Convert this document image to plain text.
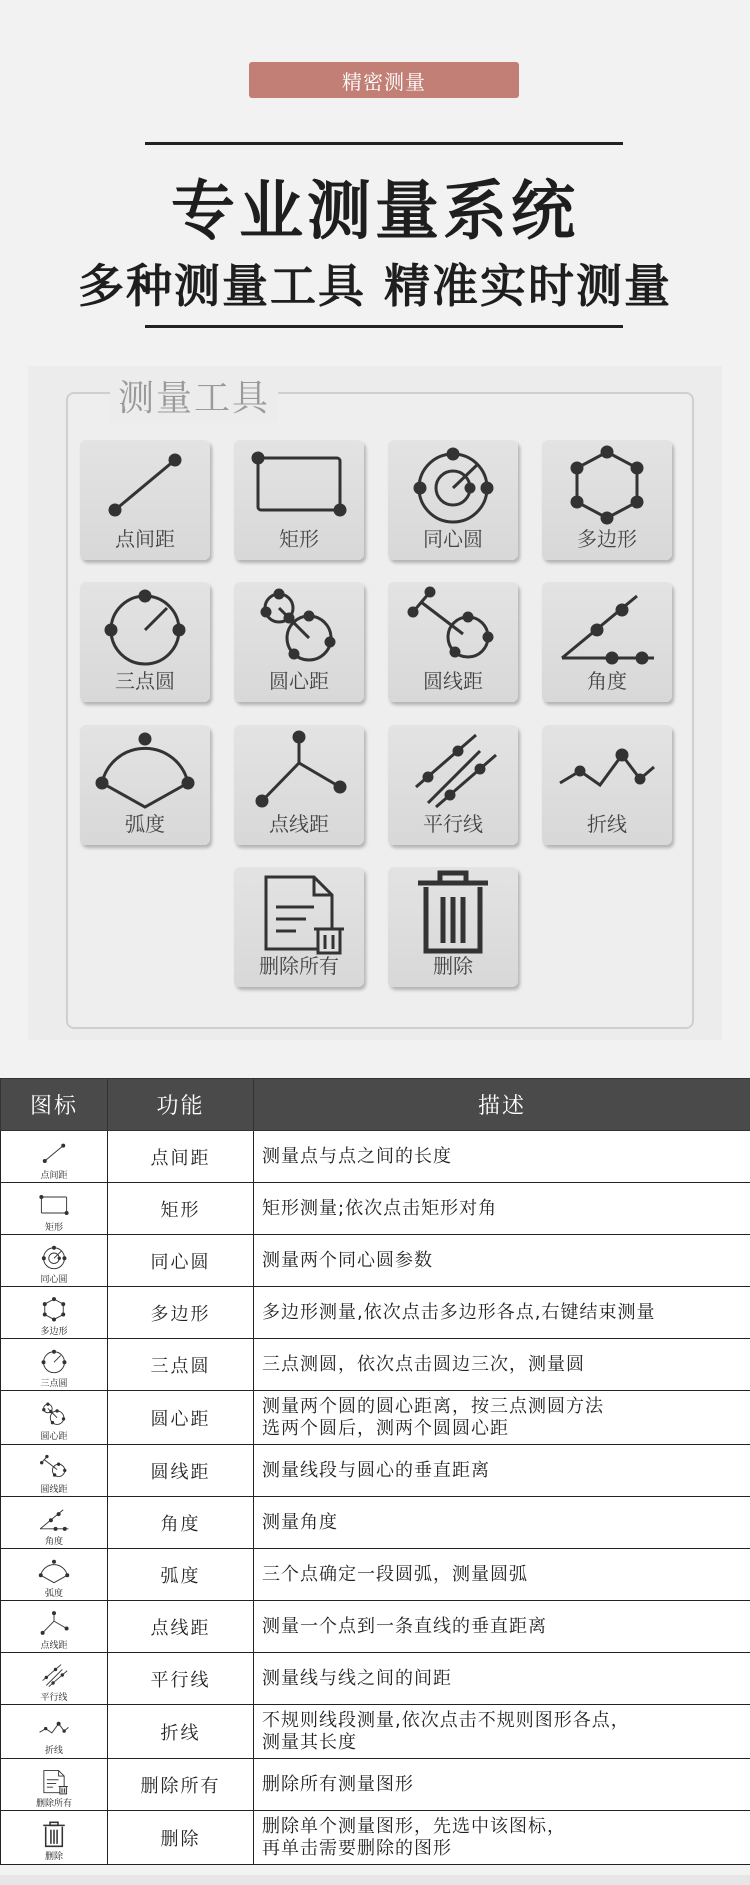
精密测量
专业测量系统
多种测量工具 精准实时测量
测量工具
点间距	矩形	同心圆	多边形
三点圆	圆心距	圆线距	角度
弧度	点线距	平行线	折线
删除所有	删除
图标	功能	描述

点间距	点间距	测量点与点之间的长度

矩形	矩形	矩形测量;依次点击矩形对角

同心圆	同心圆	测量两个同心圆参数

多边形	多边形	多边形测量,依次点击多边形各点,右键结束测量

三点圆	三点圆	三点测圆，依次点击圆边三次，测量圆

圆心距	圆心距	测量两个圆的圆心距离，按三点测圆方法
选两个圆后，测两个圆圆心距

圆线距	圆线距	测量线段与圆心的垂直距离

角度	角度	测量角度

弧度	弧度	三个点确定一段圆弧，测量圆弧

点线距	点线距	测量一个点到一条直线的垂直距离

平行线	平行线	测量线与线之间的间距

折线	折线	不规则线段测量,依次点击不规则图形各点，
测量其长度

删除所有	删除所有	删除所有测量图形

删除	删除	删除单个测量图形，先选中该图标，
再单击需要删除的图形
